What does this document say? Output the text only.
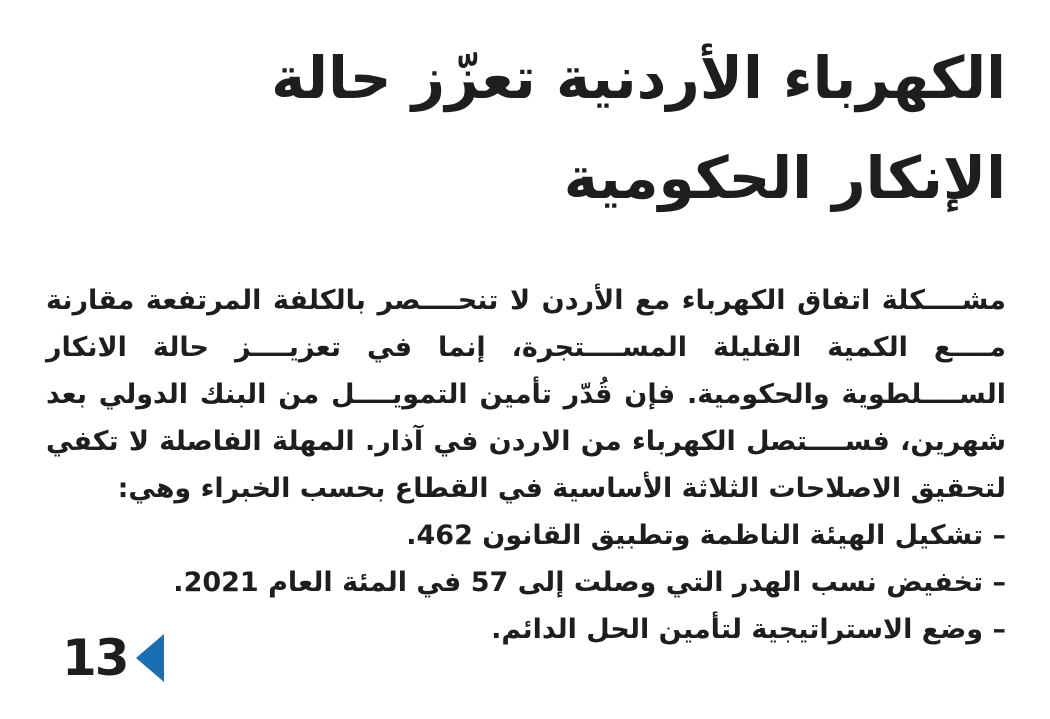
الكهرباء الأردنية تعزّز حالة
الإنكار الحكومية

مشــــكلة اتفاق الكهرباء مع الأردن لا تنحــــصر بالكلفة المرتفعة مقارنة مــــع الكمية القليلة المســــتجرة، إنما في تعزيــــز حالة الانكار الســــلطوية والحكومية. فإن قُدّر تأمين التمويــــل من البنك الدولي بعد شهرين، فســــتصل الكهرباء من الاردن في آذار. المهلة الفاصلة لا تكفي لتحقيق الاصلاحات الثلاثة الأساسية في القطاع بحسب الخبراء وهي:

– تشكيل الهيئة الناظمة وتطبيق القانون 462.
– تخفيض نسب الهدر التي وصلت إلى 57 في المئة العام 2021.
– وضع الاستراتيجية لتأمين الحل الدائم.
13
